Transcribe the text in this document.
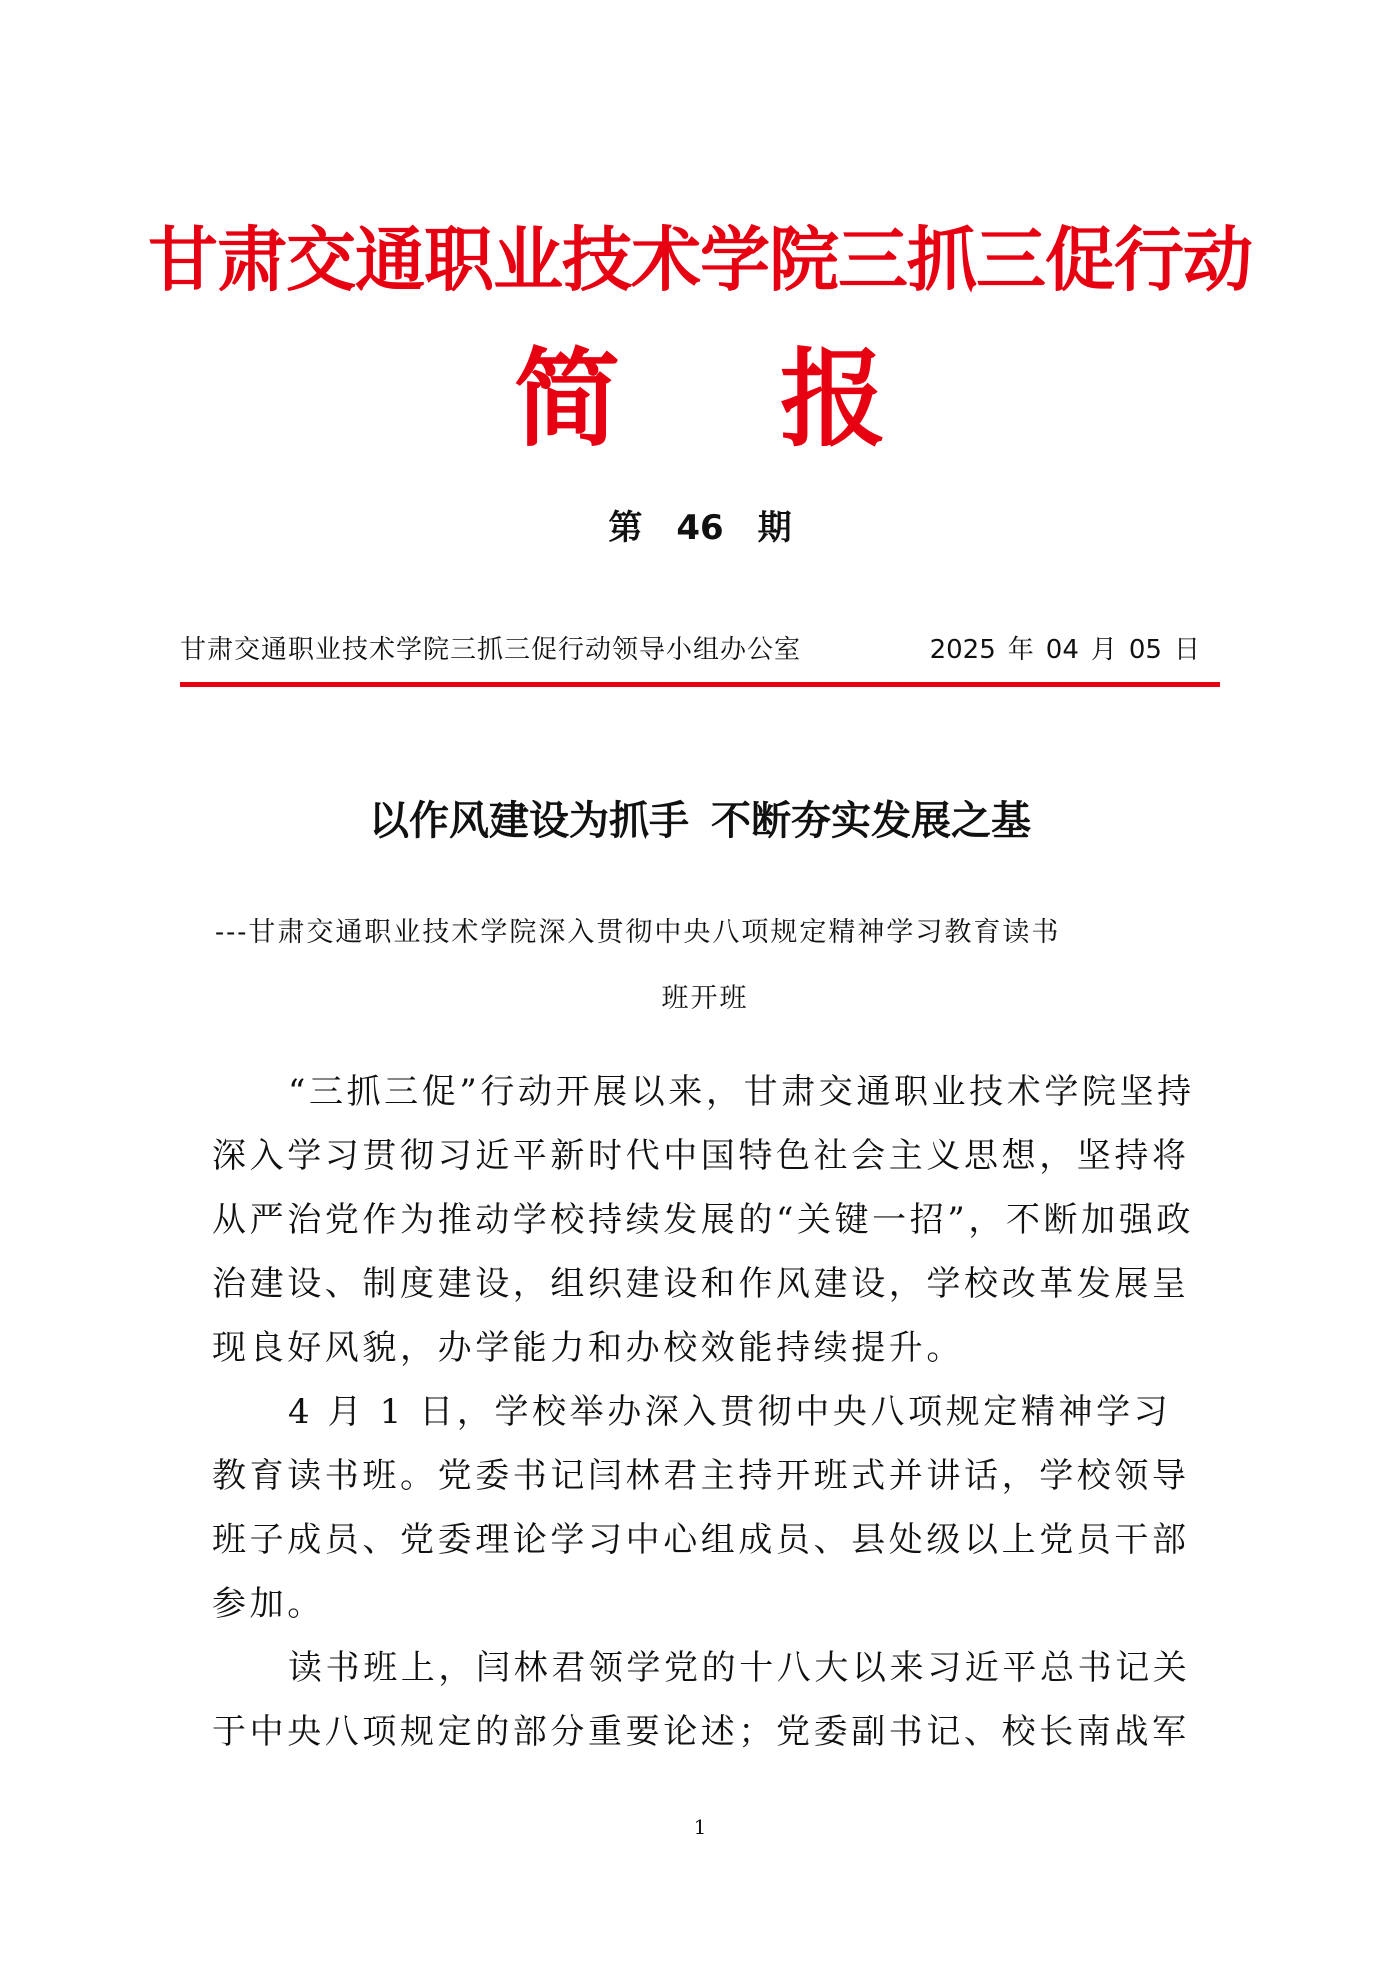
甘肃交通职业技术学院三抓三促行动
简 报
第 46 期
甘肃交通职业技术学院三抓三促行动领导小组办公室	2025 年 04 月 05 日
以作风建设为抓手 不断夯实发展之基
---甘肃交通职业技术学院深入贯彻中央八项规定精神学习教育读书
班开班

“三抓三促”行动开展以来，甘肃交通职业技术学院坚持深入学习贯彻习近平新时代中国特色社会主义思想，坚持将从严治党作为推动学校持续发展的“关键一招”，不断加强政治建设、制度建设，组织建设和作风建设，学校改革发展呈现良好风貌，办学能力和办校效能持续提升。

4 月 1 日，学校举办深入贯彻中央八项规定精神学习教育读书班。党委书记闫林君主持开班式并讲话，学校领导班子成员、党委理论学习中心组成员、县处级以上党员干部参加。

读书班上，闫林君领学党的十八大以来习近平总书记关于中央八项规定的部分重要论述；党委副书记、校长南战军

1
